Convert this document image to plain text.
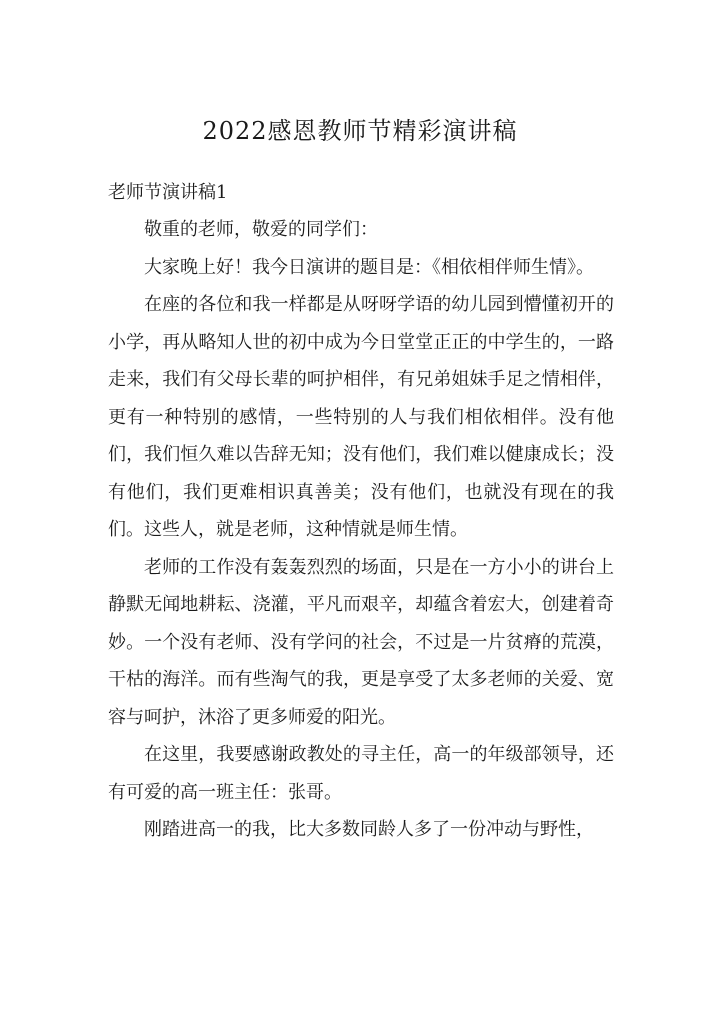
2022感恩教师节精彩演讲稿
老师节演讲稿1

敬重的老师，敬爱的同学们：

大家晚上好！我今日演讲的题目是：《相依相伴师生情》。

在座的各位和我一样都是从呀呀学语的幼儿园到懵懂初开的小学，再从略知人世的初中成为今日堂堂正正的中学生的，一路走来，我们有父母长辈的呵护相伴，有兄弟姐妹手足之情相伴，更有一种特别的感情，一些特别的人与我们相依相伴。没有他们，我们恒久难以告辞无知；没有他们，我们难以健康成长；没有他们，我们更难相识真善美；没有他们，也就没有现在的我们。这些人，就是老师，这种情就是师生情。

老师的工作没有轰轰烈烈的场面，只是在一方小小的讲台上静默无闻地耕耘、浇灌，平凡而艰辛，却蕴含着宏大，创建着奇妙。一个没有老师、没有学问的社会，不过是一片贫瘠的荒漠，干枯的海洋。而有些淘气的我，更是享受了太多老师的关爱、宽容与呵护，沐浴了更多师爱的阳光。

在这里，我要感谢政教处的寻主任，高一的年级部领导，还有可爱的高一班主任：张哥。

刚踏进高一的我，比大多数同龄人多了一份冲动与野性，
